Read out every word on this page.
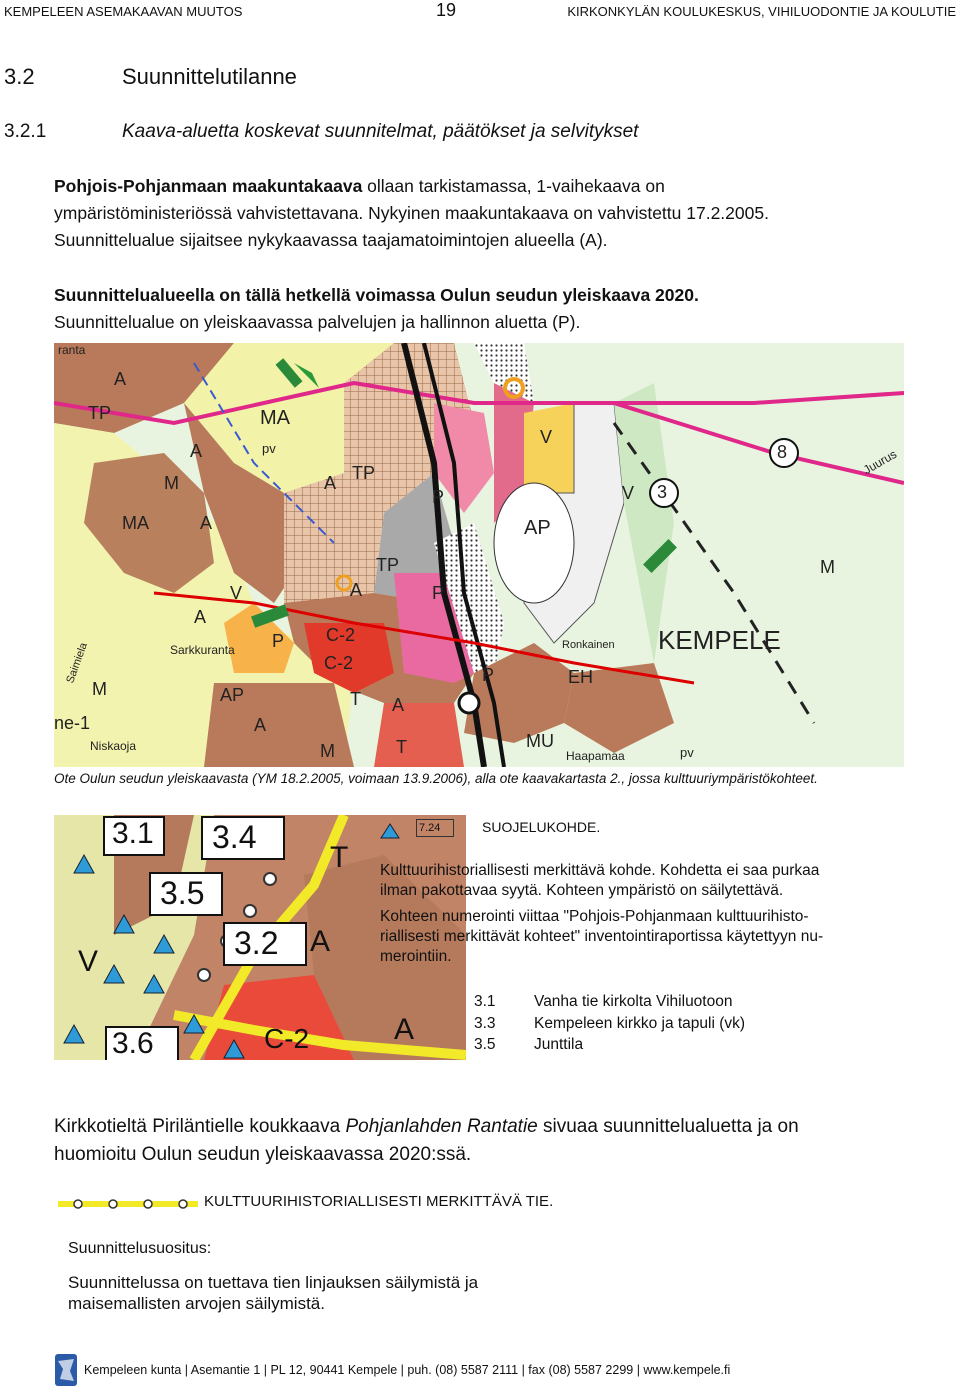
KEMPELEEN ASEMAKAAVAN MUUTOS	19	KIRKONKYLÄN KOULUKESKUS, VIHILUODONTIE JA KOULUTIE
3.2	Suunnittelutilanne
3.2.1	Kaava-aluetta koskevat suunnitelmat, päätökset ja selvitykset
Pohjois-Pohjanmaan maakuntakaava ollaan tarkistamassa, 1-vaihekaava on
ympäristöministeriössä vahvistettavana. Nykyinen maakuntakaava on vahvistettu 17.2.2005.
Suunnittelualue sijaitsee nykykaavassa taajamatoimintojen alueella (A).
Suunnittelualueella on tällä hetkellä voimassa Oulun seudun yleiskaava 2020.
Suunnittelualue on yleiskaavassa palvelujen ja hallinnon aluetta (P).
ranta
A
TP	MA
pv
A
M
MA	A
TP
A
AP
V
V
8
3
M
KEMPELE
C-2
C-2
P
Sarkkuranta
Saimiela
M	AP
ne-1
Niskaoja	M	T	MU
Haapamaa	pv
EH
Ronkainen
Juurus
P
P
V
TP
A
A
A
A
T
P
Ote Oulun seudun yleiskaavasta (YM 18.2.2005, voimaan 13.9.2006), alla ote kaavakartasta 2., jossa kulttuuriympäristökohteet.
3.1 3.4
3.5
3.2
3.6	C-2
V
A
A
T
7.24	SUOJELUKOHDE.
Kulttuurihistoriallisesti merkittävä kohde. Kohdetta ei saa purkaa
ilman pakottavaa syytä. Kohteen ympäristö on säilytettävä.
Kohteen numerointi viittaa "Pohjois-Pohjanmaan kulttuurihisto-
riallisesti merkittävät kohteet" inventointiraportissa käytettyyn nu-
merointiin.
3.1 Vanha tie kirkolta Vihiluotoon
3.3 Kempeleen kirkko ja tapuli (vk)
3.5 Junttila
Kirkkotieltä Piriläntielle koukkaava Pohjanlahden Rantatie sivuaa suunnittelualuetta ja on
huomioitu Oulun seudun yleiskaavassa 2020:ssä.
KULTTUURIHISTORIALLISESTI MERKITTÄVÄ TIE.
Suunnittelusuositus:
Suunnittelussa on tuettava tien linjauksen säilymistä ja
maisemallisten arvojen säilymistä.
Kempeleen kunta | Asemantie 1 | PL 12, 90441 Kempele | puh. (08) 5587 2111 | fax (08) 5587 2299 | www.kempele.fi
